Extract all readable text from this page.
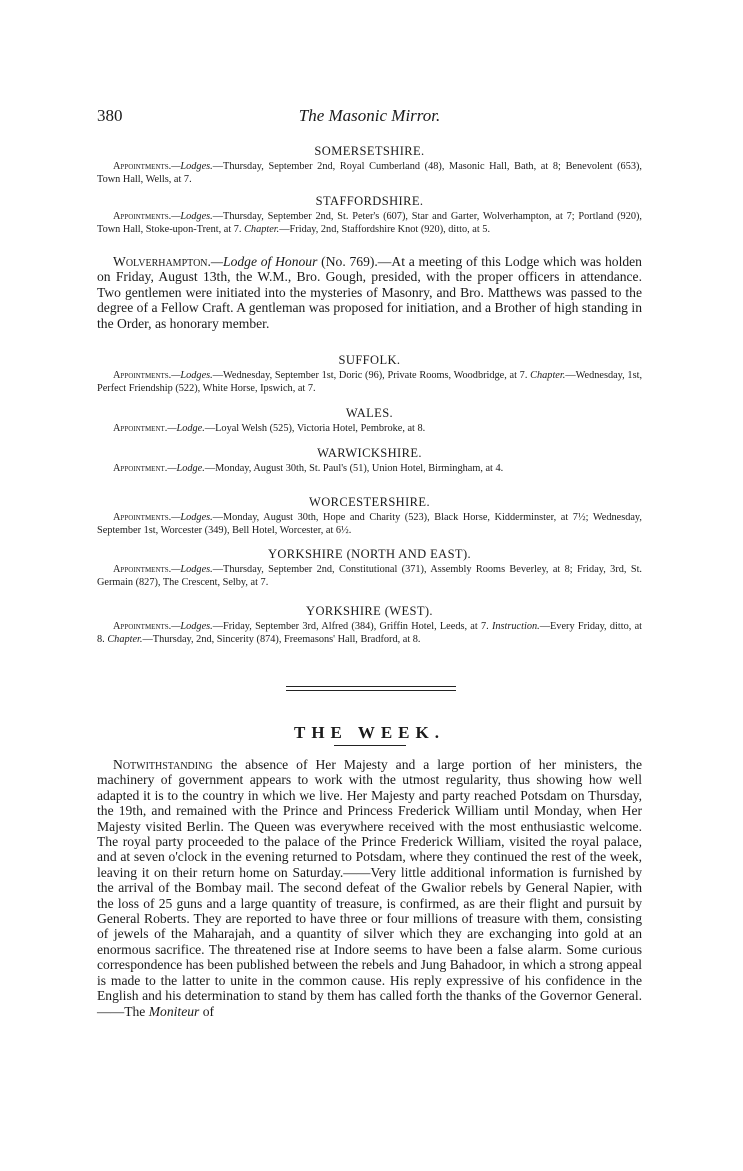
380	The Masonic Mirror.

SOMERSETSHIRE.

Appointments.—Lodges.—Thursday, September 2nd, Royal Cumberland (48), Masonic Hall, Bath, at 8; Benevolent (653), Town Hall, Wells, at 7.

STAFFORDSHIRE.

Appointments.—Lodges.—Thursday, September 2nd, St. Peter's (607), Star and Garter, Wolverhampton, at 7; Portland (920), Town Hall, Stoke-upon-Trent, at 7. Chapter.—Friday, 2nd, Staffordshire Knot (920), ditto, at 5.

Wolverhampton.—Lodge of Honour (No. 769).—At a meeting of this Lodge which was holden on Friday, August 13th, the W.M., Bro. Gough, presided, with the proper officers in attendance. Two gentlemen were initiated into the mysteries of Masonry, and Bro. Matthews was passed to the degree of a Fellow Craft. A gentleman was proposed for initiation, and a Brother of high standing in the Order, as honorary member.

SUFFOLK.

Appointments.—Lodges.—Wednesday, September 1st, Doric (96), Private Rooms, Woodbridge, at 7. Chapter.—Wednesday, 1st, Perfect Friendship (522), White Horse, Ipswich, at 7.

WALES.

Appointment.—Lodge.—Loyal Welsh (525), Victoria Hotel, Pembroke, at 8.

WARWICKSHIRE.

Appointment.—Lodge.—Monday, August 30th, St. Paul's (51), Union Hotel, Birmingham, at 4.

WORCESTERSHIRE.

Appointments.—Lodges.—Monday, August 30th, Hope and Charity (523), Black Horse, Kidderminster, at 7½; Wednesday, September 1st, Worcester (349), Bell Hotel, Worcester, at 6½.

YORKSHIRE (NORTH AND EAST).

Appointments.—Lodges.—Thursday, September 2nd, Constitutional (371), Assembly Rooms Beverley, at 8; Friday, 3rd, St. Germain (827), The Crescent, Selby, at 7.

YORKSHIRE (WEST).

Appointments.—Lodges.—Friday, September 3rd, Alfred (384), Griffin Hotel, Leeds, at 7. Instruction.—Every Friday, ditto, at 8. Chapter.—Thursday, 2nd, Sincerity (874), Freemasons' Hall, Bradford, at 8.

THE WEEK.

Notwithstanding the absence of Her Majesty and a large portion of her ministers, the machinery of government appears to work with the utmost regularity, thus showing how well adapted it is to the country in which we live. Her Majesty and party reached Potsdam on Thursday, the 19th, and remained with the Prince and Princess Frederick William until Monday, when Her Majesty visited Berlin. The Queen was everywhere received with the most enthusiastic welcome. The royal party proceeded to the palace of the Prince Frederick William, visited the royal palace, and at seven o'clock in the evening returned to Potsdam, where they continued the rest of the week, leaving it on their return home on Saturday.——Very little additional information is furnished by the arrival of the Bombay mail. The second defeat of the Gwalior rebels by General Napier, with the loss of 25 guns and a large quantity of treasure, is confirmed, as are their flight and pursuit by General Roberts. They are reported to have three or four millions of treasure with them, consisting of jewels of the Maharajah, and a quantity of silver which they are exchanging into gold at an enormous sacrifice. The threatened rise at Indore seems to have been a false alarm. Some curious correspondence has been published between the rebels and Jung Bahadoor, in which a strong appeal is made to the latter to unite in the common cause. His reply expressive of his confidence in the English and his determination to stand by them has called forth the thanks of the Governor General.——The Moniteur of
